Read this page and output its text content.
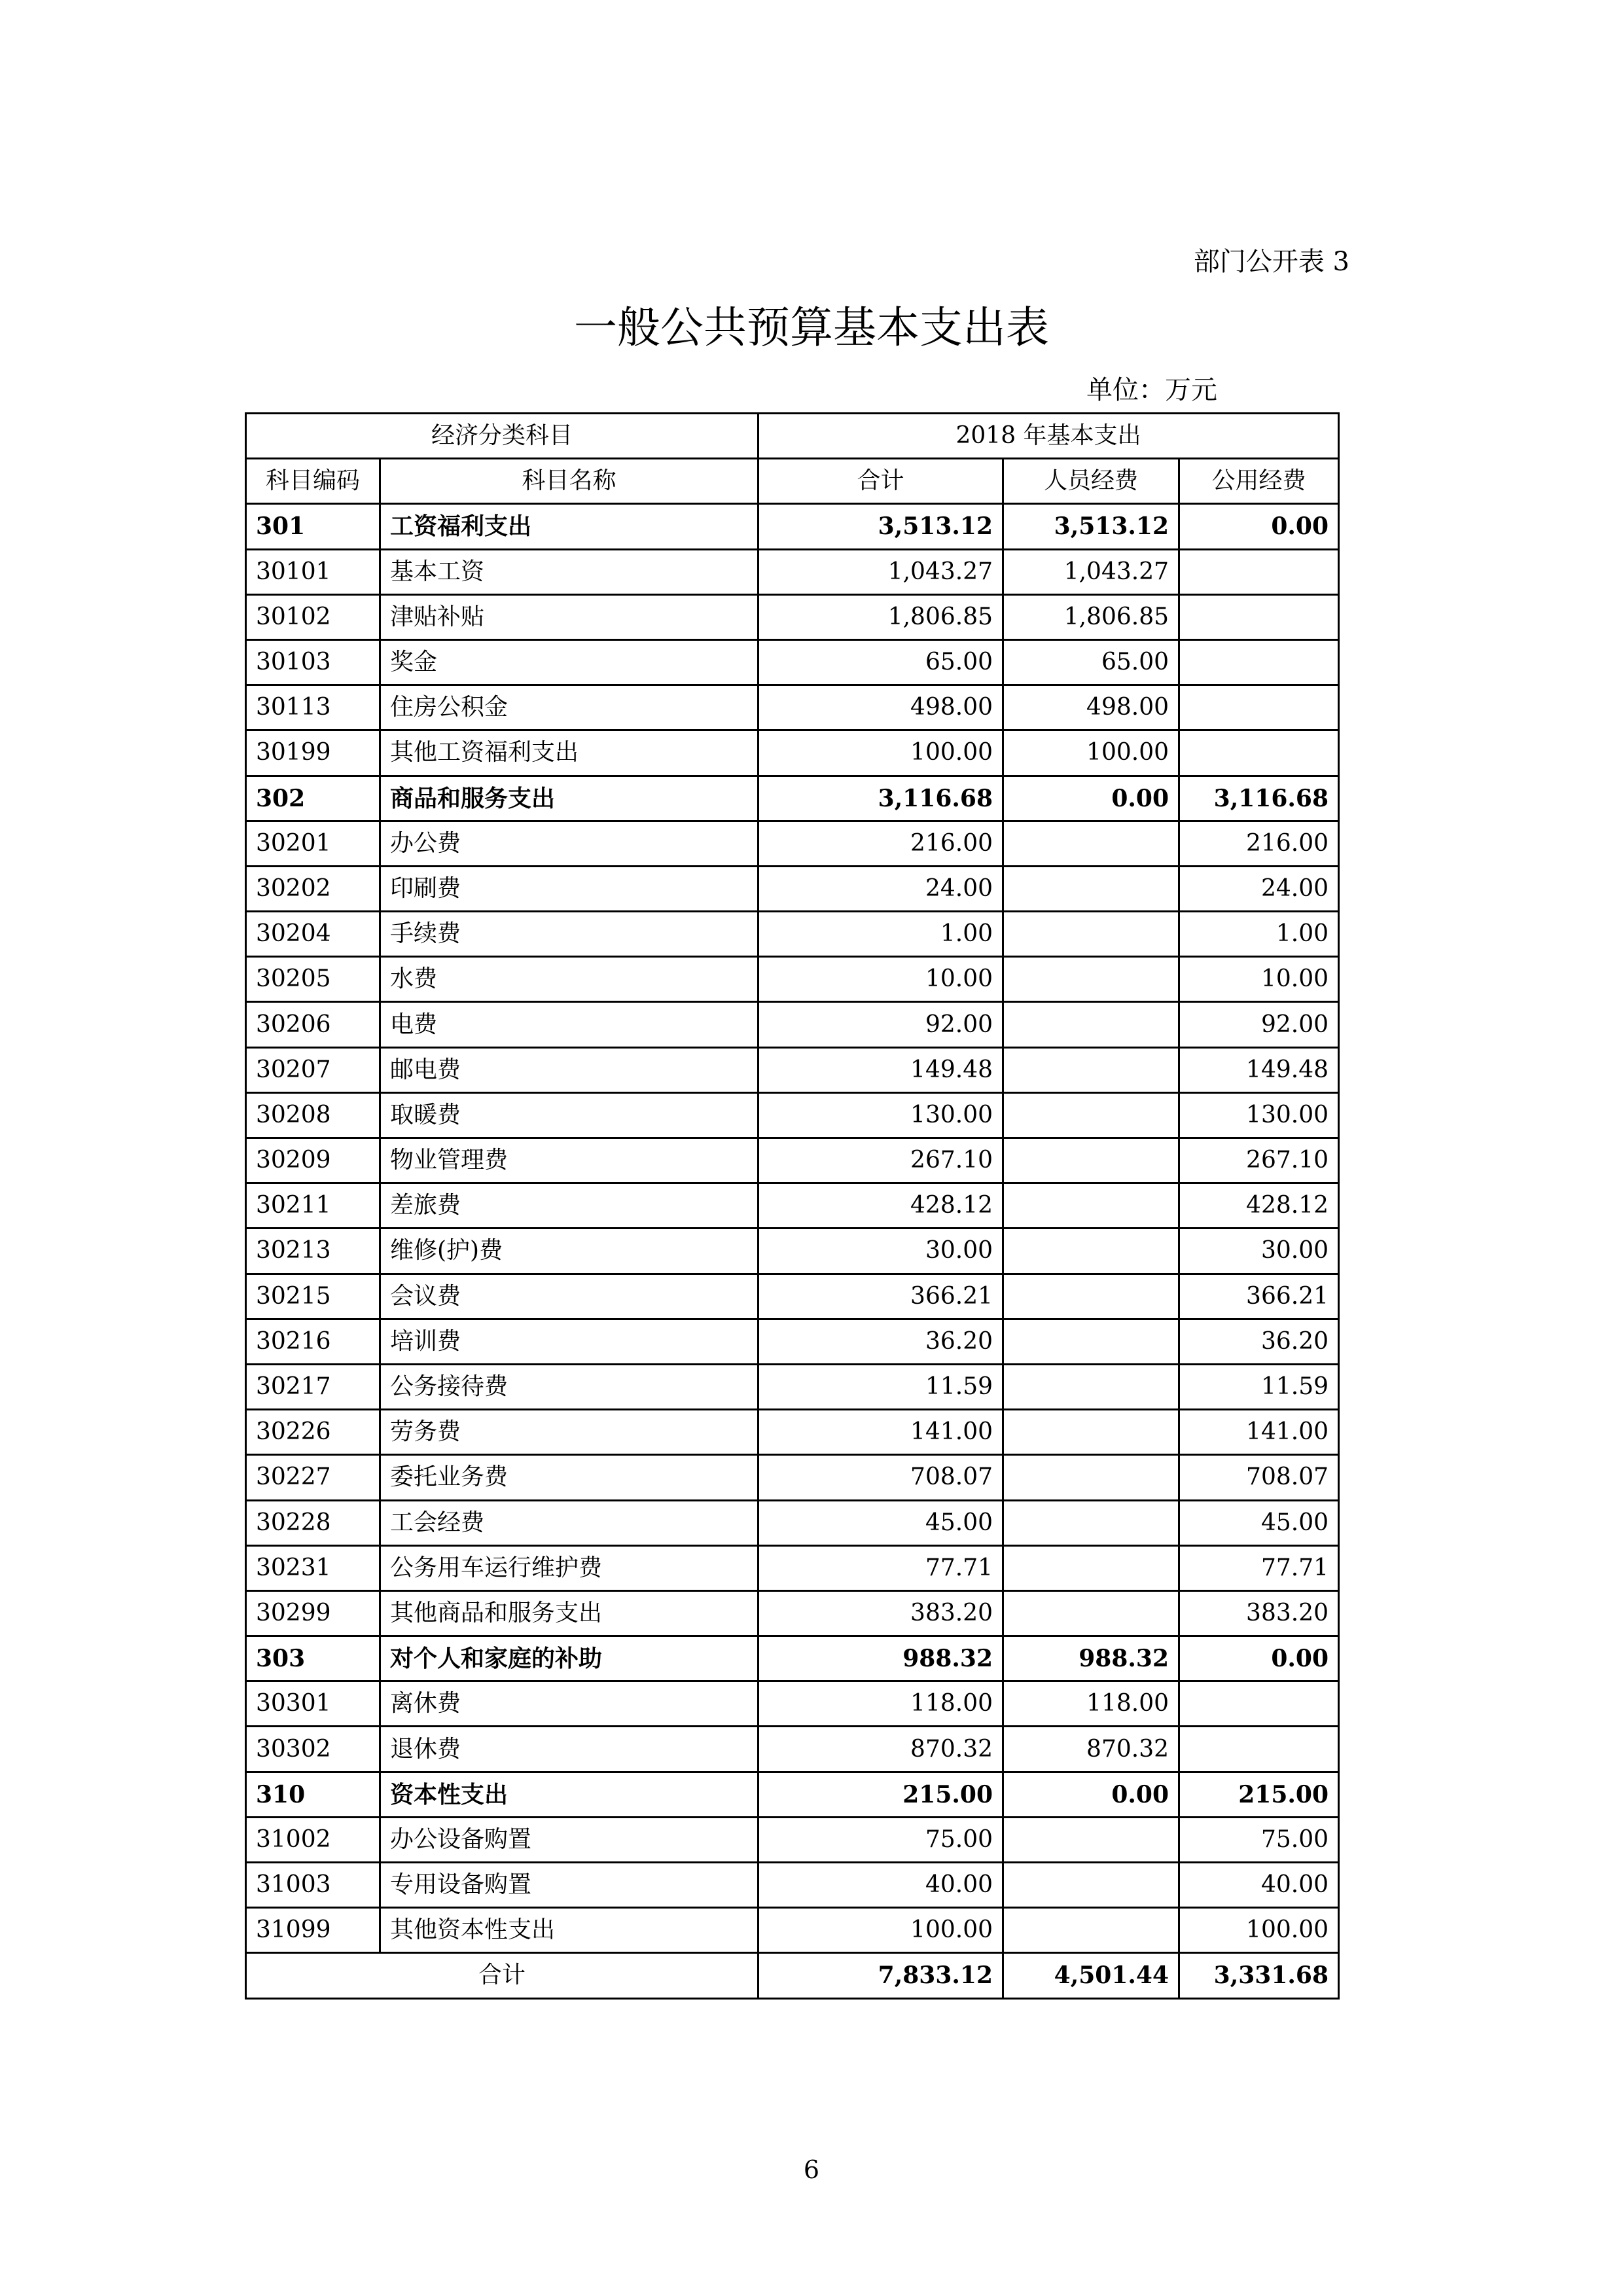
部门公开表 3
一般公共预算基本支出表
单位：万元
经济分类科目		2018 年基本支出		
科目编码	科目名称	合计	人员经费	公用经费
301	工资福利支出	3,513.12	3,513.12	0.00
30101	基本工资	1,043.27	1,043.27	
30102	津贴补贴	1,806.85	1,806.85	
30103	奖金	65.00	65.00	
30113	住房公积金	498.00	498.00	
30199	其他工资福利支出	100.00	100.00	
302	商品和服务支出	3,116.68	0.00	3,116.68
30201	办公费	216.00		216.00
30202	印刷费	24.00		24.00
30204	手续费	1.00		1.00
30205	水费	10.00		10.00
30206	电费	92.00		92.00
30207	邮电费	149.48		149.48
30208	取暖费	130.00		130.00
30209	物业管理费	267.10		267.10
30211	差旅费	428.12		428.12
30213	维修(护)费	30.00		30.00
30215	会议费	366.21		366.21
30216	培训费	36.20		36.20
30217	公务接待费	11.59		11.59
30226	劳务费	141.00		141.00
30227	委托业务费	708.07		708.07
30228	工会经费	45.00		45.00
30231	公务用车运行维护费	77.71		77.71
30299	其他商品和服务支出	383.20		383.20
303	对个人和家庭的补助	988.32	988.32	0.00
30301	离休费	118.00	118.00	
30302	退休费	870.32	870.32	
310	资本性支出	215.00	0.00	215.00
31002	办公设备购置	75.00		75.00
31003	专用设备购置	40.00		40.00
31099	其他资本性支出	100.00		100.00
合计		7,833.12	4,501.44	3,331.68
6
